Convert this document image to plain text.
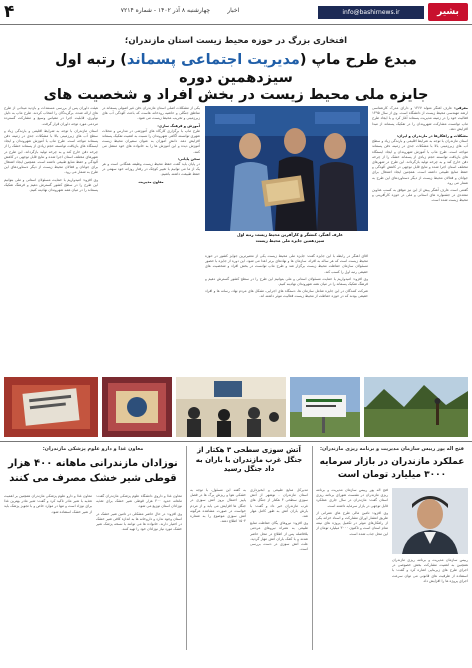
بشیر
info@bashirnews.ir
اخبار         چهارشنبه ۸ آذر ۱۴۰۲ - شماره ۷۲۱۴
۴
افتخاری بزرگ در حوزه محیط زیست استان مازندران؛
مبدع طرح ماپ (مدیریت اجتماعی پسماند) رتبه اول سیزدهمین دوره
جایزه ملی محیط زیست در بخش افراد و شخصیت های

معرفی: عارف آهنگر متولد ۱۳۶۷ و دارای مدرک کارشناسی ارشد مهندسی محیط زیست از دانشگاه است. وی از سال ۱۳۹۵ فعالیت خود را در زمینه مدیریت پسماند آغاز کرد و با ایجاد طرح ماپ توانست مشارکت شهروندان را در تفکیک پسماند از مبدا افزایش دهد.

مشکلات و راهکارها در مازندران و ایران:

استان مازندران با توجه به شرایط اقلیمی و بارندگی زیاد و سطح آب های زیرزمینی بالا با مشکلات جدی در زمینه دفن پسماند مواجه است. طرح ماپ با آموزش شهروندان و ایجاد ایستگاه های بازیافت توانسته حجم زیادی از پسماند خشک را از چرخه دفن خارج کند و به چرخه تولید بازگرداند. این طرح در شهرهای مختلف استان اجرا شده و نتایج قابل توجهی در کاهش آلودگی و حفظ منابع طبیعی داشته است. همچنین ایجاد اشتغال برای جوانان و فعالان محیط زیست از دیگر دستاوردهای این طرح به شمار می رود.

گفتنی است عارف آهنگر پیش از این نیز موفق به کسب عناوین متعددی در جشنواره های استانی و ملی در حوزه کارآفرینی و محیط زیست شده است.

عارف آهنگر، کنشگر و کارآفرین محیط زیست رتبه اول سیزدهمین جایزه ملی محیط زیست

آقای آهنگر در رابطه با این جایزه گفت: جایزه ملی محیط زیست یکی از معتبرترین جوایز کشور در حوزه محیط زیست است که هر ساله به افراد، سازمان ها و نهادهای برتر اهدا می شود. این دوره از جایزه با حضور مسئولان سازمان حفاظت محیط زیست برگزار شد و طرح ماپ توانست در بخش افراد و شخصیت های حقیقی رتبه اول را کسب کند.

وی افزود: امیدواریم با حمایت مسئولان استانی و ملی بتوانیم این طرح را در سطح کشور گسترش دهیم و فرهنگ تفکیک پسماند را در میان همه شهروندان نهادینه کنیم.

شرکت کنندگان در این جایزه شامل سازمان ها، دستگاه های اجرایی، تشکل های مردم نهاد، رسانه ها و افراد حقیقی بودند که در حوزه حفاظت از محیط زیست فعالیت موثر داشته اند.

یکی از مشکلات اصلی استان مازندران دفن غیر اصولی پسماند در مناطق جنگلی و حاشیه رودخانه هاست که باعث آلودگی آب های زیرزمینی و تخریب محیط زیست می شود.

آموزش و فرهنگ سازی:

طرح ماپ با برگزاری کارگاه های آموزشی در مدارس و محلات شهری توانسته آگاهی شهروندان را نسبت به اهمیت تفکیک پسماند افزایش دهد. دانش آموزان به عنوان سفیران محیط زیست آموزش دیده و این آموزش ها را به خانواده های خود منتقل می کنند.

سخن پایانی:

در پایان باید گفت حفظ محیط زیست وظیفه همگانی است و هر یک از ما می توانیم با تغییر کوچک در رفتار روزانه خود سهمی در حفظ طبیعت داشته باشیم.

معاون مدیریت

هیئت داوران پس از بررسی مستندات و بازدید میدانی از طرح های ارائه شده، برگزیدگان را انتخاب کردند. طرح ماپ به دلیل نوآوری، قابلیت اجرا در مقیاس وسیع و مشارکت گسترده مردمی مورد توجه داوران قرار گرفت.

استان مازندران با توجه به شرایط اقلیمی و بارندگی زیاد و سطح آب های زیرزمینی بالا با مشکلات جدی در زمینه دفن پسماند مواجه است. طرح ماپ با آموزش شهروندان و ایجاد ایستگاه های بازیافت توانسته حجم زیادی از پسماند خشک را از چرخه دفن خارج کند و به چرخه تولید بازگرداند. این طرح در شهرهای مختلف استان اجرا شده و نتایج قابل توجهی در کاهش آلودگی و حفظ منابع طبیعی داشته است. همچنین ایجاد اشتغال برای جوانان و فعالان محیط زیست از دیگر دستاوردهای این طرح به شمار می رود.

وی افزود: امیدواریم با حمایت مسئولان استانی و ملی بتوانیم این طرح را در سطح کشور گسترش دهیم و فرهنگ تفکیک پسماند را در میان همه شهروندان نهادینه کنیم.

فتح اله پور رییس سازمان مدیریت و برنامه ریزی مازندران:
عملکرد مازندران در بازار سرمایه ۳۰۰۰ میلیارد تومان است

فتح اله پور رییس سازمان مدیریت و برنامه ریزی مازندران در نشست شورای برنامه ریزی استان گفت: مازندران در سال جاری عملکرد قابل توجهی در بازار سرمایه داشته است.

وی افزود: تامین مالی طرح های عمرانی از طریق انتشار اوراق مشارکت و اسناد خزانه یکی از راهکارهای موثر در تکمیل پروژه های نیمه تمام استان است و تاکنون ۳۰۰۰ میلیارد تومان از این محل جذب شده است.

رییس سازمان مدیریت و برنامه ریزی مازندران همچنین به اهمیت مشارکت بخش خصوصی در اجرای طرح های زیربنایی اشاره کرد و گفت: با استفاده از ظرفیت های قانونی می توان سرعت اجرای پروژه ها را افزایش داد.

آتش سوزی سطحی ۳ هکتار از جنگل غرب مازندران با باران به داد جنگل رسید

مدیرکل منابع طبیعی و آبخیزداری استان مازندران - نوشهر از آتش سوزی سطحی ۳ هکتار از جنگل های غرب مازندران خبر داد و گفت: با بارش باران آتش به طور کامل مهار شد.

وی افزود: نیروهای یگان حفاظت منابع طبیعی به همراه نیروهای مردمی بلافاصله پس از اطلاع در محل حاضر شدند و با کمک باران آتش مهار گردید. علت آتش سوزی در دست بررسی است.

به گفته این مسئول، با توجه به خشکی هوا و ریزش برگ ها در فصل پاییز احتمال بروز آتش سوزی در جنگل ها افزایش می یابد و از مردم خواست در صورت مشاهده هرگونه آتش سوزی موضوع را به شماره ۱۵۰۴ اطلاع دهند.

معاون غذا و دارو علوم پزشکی مازندران:
نوزادان مازندرانی ماهانه ۴۰۰ هزار قوطی شیر خشک مصرف می کنند

معاون غذا و داروی دانشگاه علوم پزشکی مازندران گفت: ماهانه حدود ۴۰۰ هزار قوطی شیر خشک برای تغذیه نوزادان استان توزیع می شود.

وی افزود: در حال حاضر مشکلی در تامین شیر خشک در استان وجود ندارد و داروخانه ها به اندازه کافی شیر خشک در اختیار دارند. خانواده ها می توانند با نسخه پزشک شیر خشک مورد نیاز نوزادان خود را تهیه کنند.

معاون غذا و دارو علوم پزشکی مازندران همچنین بر اهمیت تغذیه با شیر مادر تاکید کرد و گفت: شیر مادر بهترین غذا برای نوزاد است و تنها در موارد خاص و با تجویز پزشک باید از شیر خشک استفاده شود.
